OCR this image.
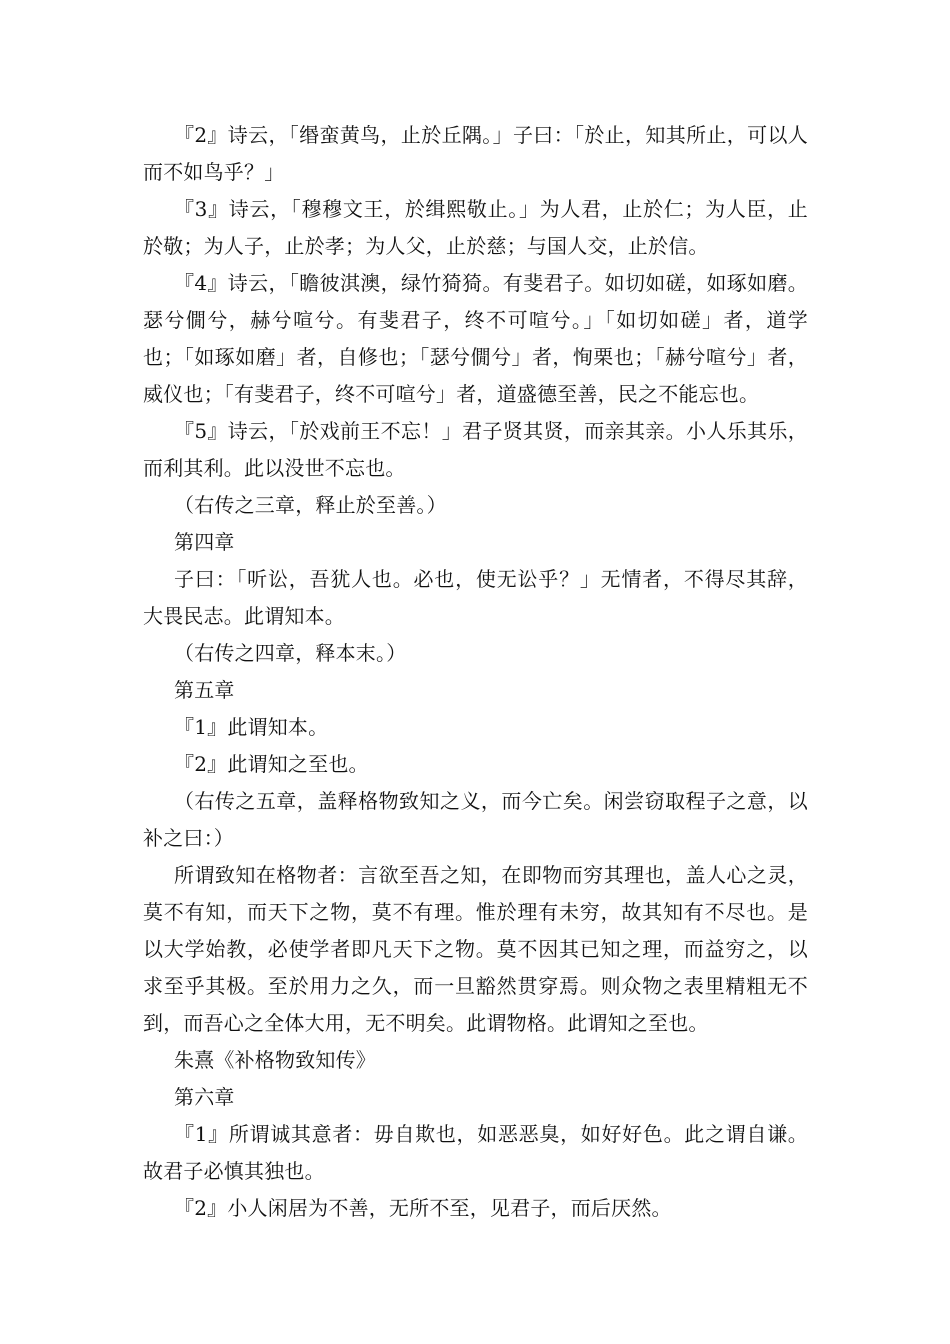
『2』诗云，「缗蛮黄鸟，止於丘隅。」子曰：「於止，知其所止，可以人而不如鸟乎？」

『3』诗云，「穆穆文王，於缉熙敬止。」为人君，止於仁；为人臣，止於敬；为人子，止於孝；为人父，止於慈；与国人交，止於信。

『4』诗云，「瞻彼淇澳，绿竹猗猗。有斐君子。如切如磋，如琢如磨。瑟兮僩兮，赫兮喧兮。有斐君子，终不可喧兮。」「如切如磋」者，道学也；「如琢如磨」者，自修也；「瑟兮僩兮」者，恂栗也；「赫兮喧兮」者，威仪也；「有斐君子，终不可喧兮」者，道盛德至善，民之不能忘也。

『5』诗云，「於戏前王不忘！」君子贤其贤，而亲其亲。小人乐其乐，而利其利。此以没世不忘也。

（右传之三章，释止於至善。）

第四章

子曰：「听讼，吾犹人也。必也，使无讼乎？」无情者，不得尽其辞，大畏民志。此谓知本。

（右传之四章，释本末。）

第五章

『1』此谓知本。

『2』此谓知之至也。

（右传之五章，盖释格物致知之义，而今亡矣。闲尝窃取程子之意，以补之曰：）

所谓致知在格物者：言欲至吾之知，在即物而穷其理也，盖人心之灵，莫不有知，而天下之物，莫不有理。惟於理有未穷，故其知有不尽也。是以大学始教，必使学者即凡天下之物。莫不因其已知之理，而益穷之，以求至乎其极。至於用力之久，而一旦豁然贯穿焉。则众物之表里精粗无不到，而吾心之全体大用，无不明矣。此谓物格。此谓知之至也。

朱熹《补格物致知传》

第六章

『1』所谓诚其意者：毋自欺也，如恶恶臭，如好好色。此之谓自谦。故君子必慎其独也。

『2』小人闲居为不善，无所不至，见君子，而后厌然。
